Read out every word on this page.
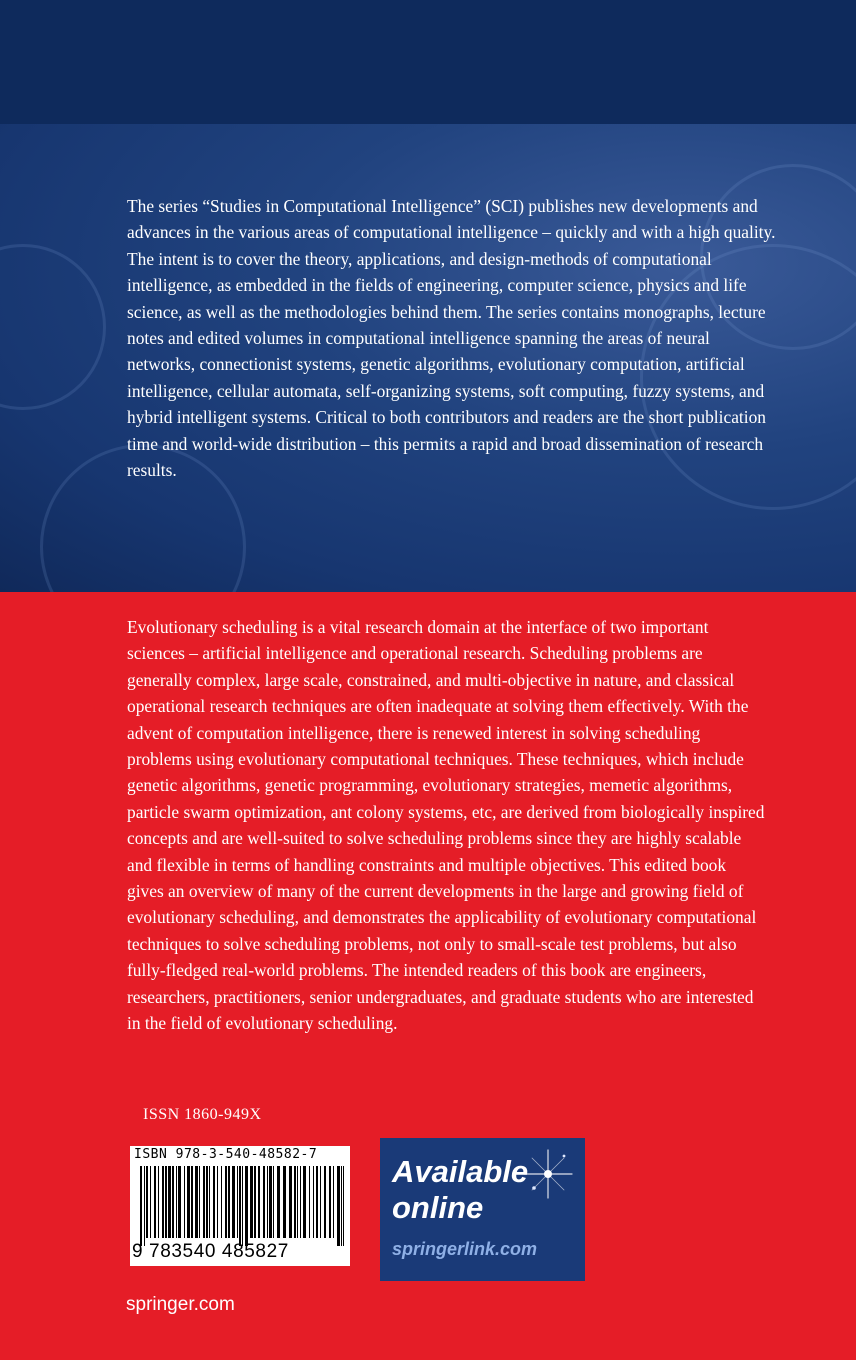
The series “Studies in Computational Intelligence” (SCI) publishes new developments and advances in the various areas of computational intelligence – quickly and with a high quality. The intent is to cover the theory, applications, and design-methods of computational intelligence, as embedded in the fields of engineering, computer science, physics and life science, as well as the methodologies behind them. The series contains monographs, lecture notes and edited volumes in computational intelligence spanning the areas of neural networks, connectionist systems, genetic algorithms, evolutionary computation, artificial intelligence, cellular automata, self-organizing systems, soft computing, fuzzy systems, and hybrid intelligent systems. Critical to both contributors and readers are the short publication time and world-wide distribution – this permits a rapid and broad dissemination of research results.

Evolutionary scheduling is a vital research domain at the interface of two important sciences – artificial intelligence and operational research. Scheduling problems are generally complex, large scale, constrained, and multi-objective in nature, and classical operational research techniques are often inadequate at solving them effectively. With the advent of computation intelligence, there is renewed interest in solving scheduling problems using evolutionary computational techniques. These techniques, which include genetic algorithms, genetic programming, evolutionary strategies, memetic algorithms, particle swarm optimization, ant colony systems, etc, are derived from biologically inspired concepts and are well-suited to solve scheduling problems since they are highly scalable and flexible in terms of handling constraints and multiple objectives. This edited book gives an overview of many of the current developments in the large and growing field of evolutionary scheduling, and demonstrates the applicability of evolutionary computational techniques to solve scheduling problems, not only to small-scale test problems, but also fully-fledged real-world problems. The intended readers of this book are engineers, researchers, practitioners, senior undergraduates, and graduate students who are interested in the field of evolutionary scheduling.

ISSN 1860-949X
ISBN 978-3-540-48582-7
9 783540 485827
Available
online
springerlink.com
springer.com
